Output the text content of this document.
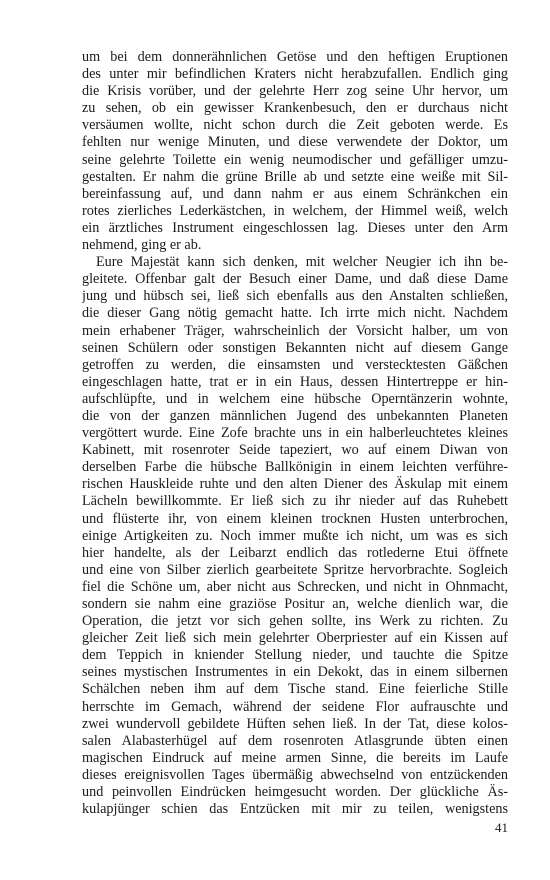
um bei dem donnerähnlichen Getöse und den heftigen Eruptionen
des unter mir befindlichen Kraters nicht herabzufallen. Endlich ging
die Krisis vorüber, und der gelehrte Herr zog seine Uhr hervor, um
zu sehen, ob ein gewisser Krankenbesuch, den er durchaus nicht
versäumen wollte, nicht schon durch die Zeit geboten werde. Es
fehlten nur wenige Minuten, und diese verwendete der Doktor, um
seine gelehrte Toilette ein wenig neumodischer und gefälliger umzu-
gestalten. Er nahm die grüne Brille ab und setzte eine weiße mit Sil-
bereinfassung auf, und dann nahm er aus einem Schränkchen ein
rotes zierliches Lederkästchen, in welchem, der Himmel weiß, welch
ein ärztliches Instrument eingeschlossen lag. Dieses unter den Arm
nehmend, ging er ab.
Eure Majestät kann sich denken, mit welcher Neugier ich ihn be-
gleitete. Offenbar galt der Besuch einer Dame, und daß diese Dame
jung und hübsch sei, ließ sich ebenfalls aus den Anstalten schließen,
die dieser Gang nötig gemacht hatte. Ich irrte mich nicht. Nachdem
mein erhabener Träger, wahrscheinlich der Vorsicht halber, um von
seinen Schülern oder sonstigen Bekannten nicht auf diesem Gange
getroffen zu werden, die einsamsten und verstecktesten Gäßchen
eingeschlagen hatte, trat er in ein Haus, dessen Hintertreppe er hin-
aufschlüpfte, und in welchem eine hübsche Operntänzerin wohnte,
die von der ganzen männlichen Jugend des unbekannten Planeten
vergöttert wurde. Eine Zofe brachte uns in ein halberleuchtetes kleines
Kabinett, mit rosenroter Seide tapeziert, wo auf einem Diwan von
derselben Farbe die hübsche Ballkönigin in einem leichten verführe-
rischen Hauskleide ruhte und den alten Diener des Äskulap mit einem
Lächeln bewillkommte. Er ließ sich zu ihr nieder auf das Ruhebett
und flüsterte ihr, von einem kleinen trocknen Husten unterbrochen,
einige Artigkeiten zu. Noch immer mußte ich nicht, um was es sich
hier handelte, als der Leibarzt endlich das rotlederne Etui öffnete
und eine von Silber zierlich gearbeitete Spritze hervorbrachte. Sogleich
fiel die Schöne um, aber nicht aus Schrecken, und nicht in Ohnmacht,
sondern sie nahm eine graziöse Positur an, welche dienlich war, die
Operation, die jetzt vor sich gehen sollte, ins Werk zu richten. Zu
gleicher Zeit ließ sich mein gelehrter Oberpriester auf ein Kissen auf
dem Teppich in kniender Stellung nieder, und tauchte die Spitze
seines mystischen Instrumentes in ein Dekokt, das in einem silbernen
Schälchen neben ihm auf dem Tische stand. Eine feierliche Stille
herrschte im Gemach, während der seidene Flor aufrauschte und
zwei wundervoll gebildete Hüften sehen ließ. In der Tat, diese kolos-
salen Alabasterhügel auf dem rosenroten Atlasgrunde übten einen
magischen Eindruck auf meine armen Sinne, die bereits im Laufe
dieses ereignisvollen Tages übermäßig abwechselnd von entzückenden
und peinvollen Eindrücken heimgesucht worden. Der glückliche Äs-
kulapjünger schien das Entzücken mit mir zu teilen, wenigstens
41
